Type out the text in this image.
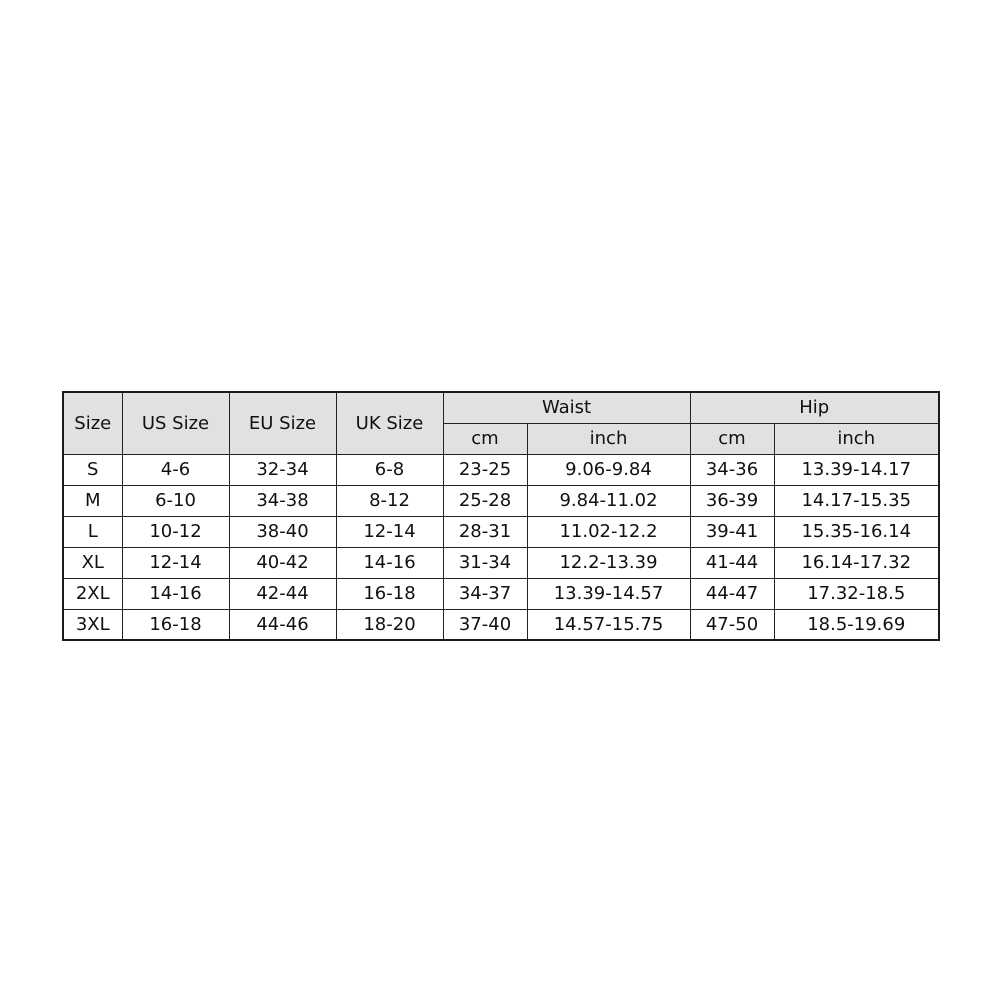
Size	US Size	EU Size	UK Size	Waist		Hip	
				cm	inch	cm	inch
S	4-6	32-34	6-8	23-25	9.06-9.84	34-36	13.39-14.17
M	6-10	34-38	8-12	25-28	9.84-11.02	36-39	14.17-15.35
L	10-12	38-40	12-14	28-31	11.02-12.2	39-41	15.35-16.14
XL	12-14	40-42	14-16	31-34	12.2-13.39	41-44	16.14-17.32
2XL	14-16	42-44	16-18	34-37	13.39-14.57	44-47	17.32-18.5
3XL	16-18	44-46	18-20	37-40	14.57-15.75	47-50	18.5-19.69
